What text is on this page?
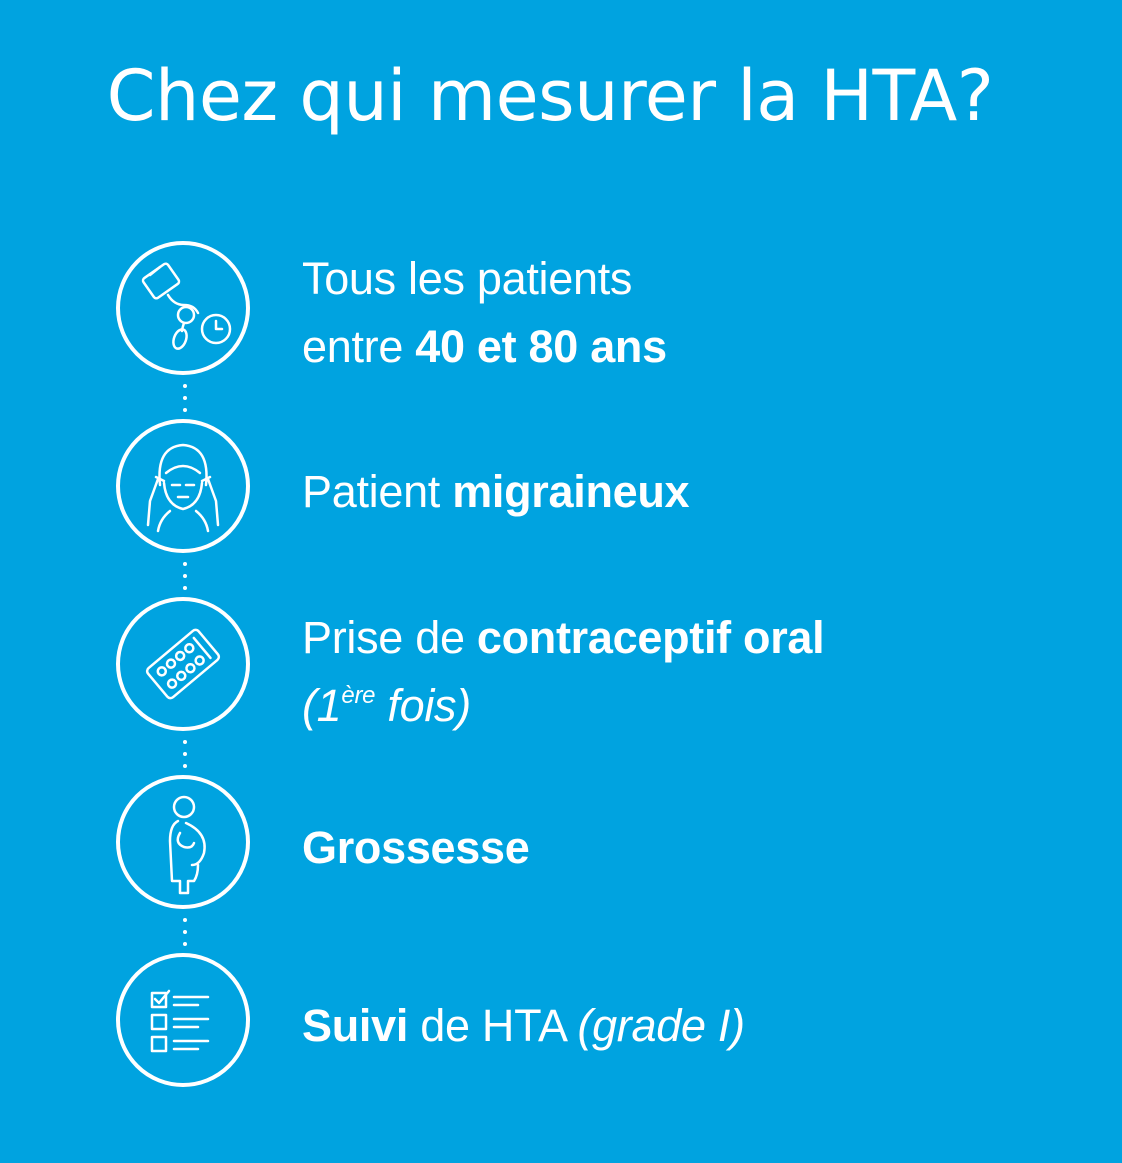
Chez qui mesurer la HTA?
Tous les patients
entre 40 et 80 ans
Patient migraineux
Prise de contraceptif oral
(1ère fois)
Grossesse
Suivi de HTA (grade I)
